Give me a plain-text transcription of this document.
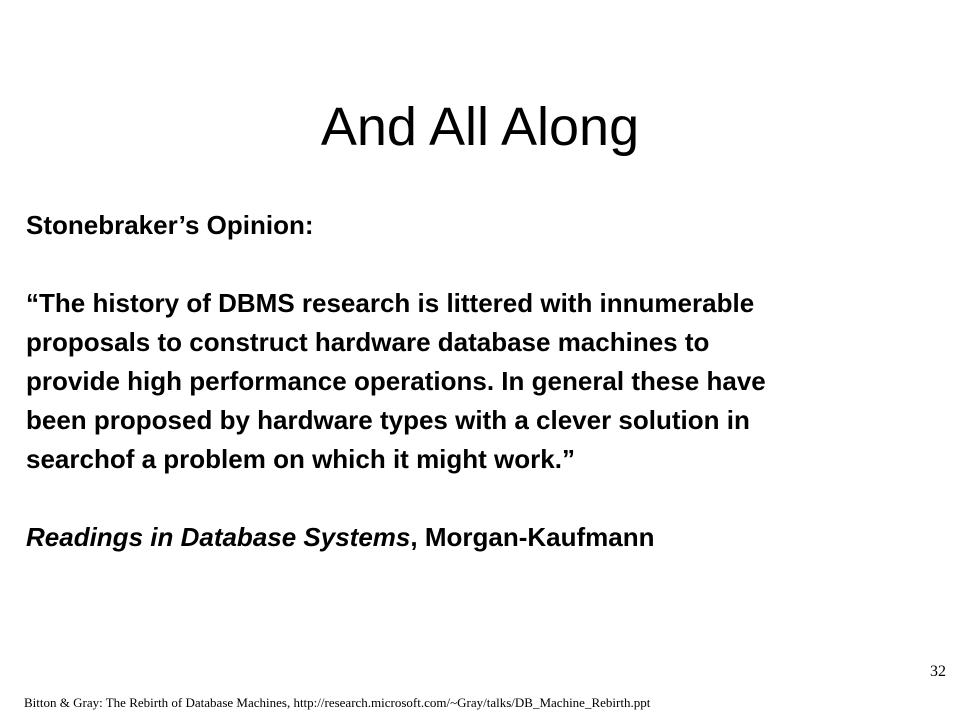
And All Along
Stonebraker’s Opinion:
“The history of DBMS research is littered with innumerable
proposals to construct hardware database machines to
provide high performance operations. In general these have
been proposed by hardware types with a clever solution in
searchof a problem on which it might work.”
Readings in Database Systems, Morgan-Kaufmann
32
Bitton & Gray: The Rebirth of Database Machines, http://research.microsoft.com/~Gray/talks/DB_Machine_Rebirth.ppt
